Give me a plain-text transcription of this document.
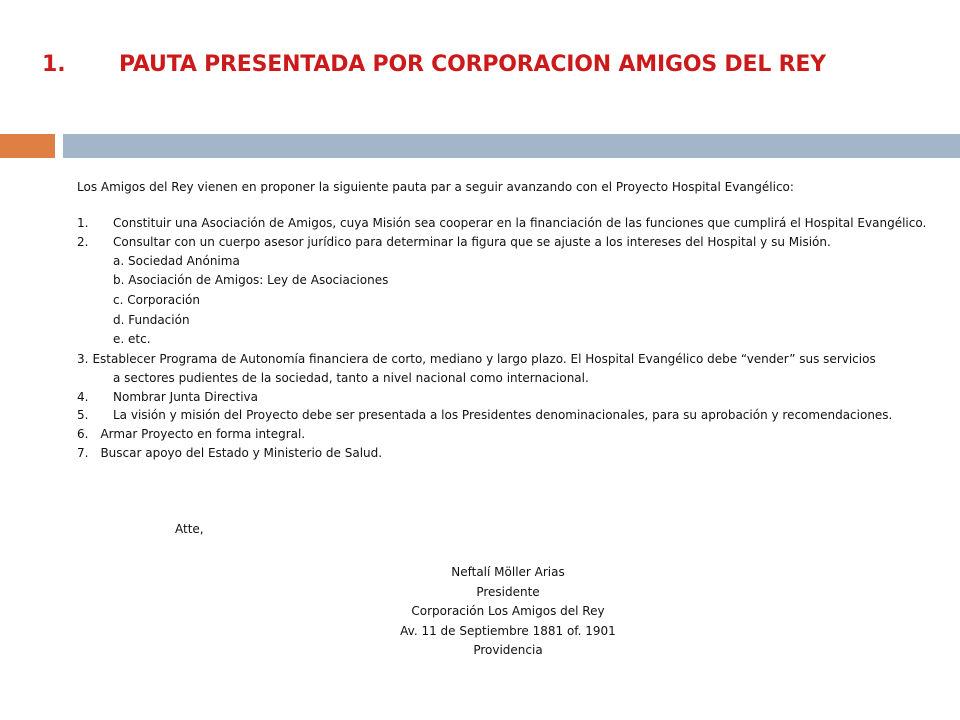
1. PAUTA PRESENTADA POR CORPORACION AMIGOS DEL REY

Los Amigos del Rey vienen en proponer la siguiente pauta par a seguir avanzando con el Proyecto Hospital Evangélico:

1. Constituir una Asociación de Amigos, cuya Misión sea cooperar en la financiación de las funciones que cumplirá el Hospital Evangélico.
2. Consultar con un cuerpo asesor jurídico para determinar la figura que se ajuste a los intereses del Hospital y su Misión.
a. Sociedad Anónima
b. Asociación de Amigos: Ley de Asociaciones
c. Corporación
d. Fundación
e. etc.
3. Establecer Programa de Autonomía financiera de corto, mediano y largo plazo. El Hospital Evangélico debe “vender” sus servicios
a sectores pudientes de la sociedad, tanto a nivel nacional como internacional.
4. Nombrar Junta Directiva
5. La visión y misión del Proyecto debe ser presentada a los Presidentes denominacionales, para su aprobación y recomendaciones.
6. Armar Proyecto en forma integral.
7. Buscar apoyo del Estado y Ministerio de Salud.
Atte,
Neftalí Möller Arias
Presidente
Corporación Los Amigos del Rey
Av. 11 de Septiembre 1881 of. 1901
Providencia
